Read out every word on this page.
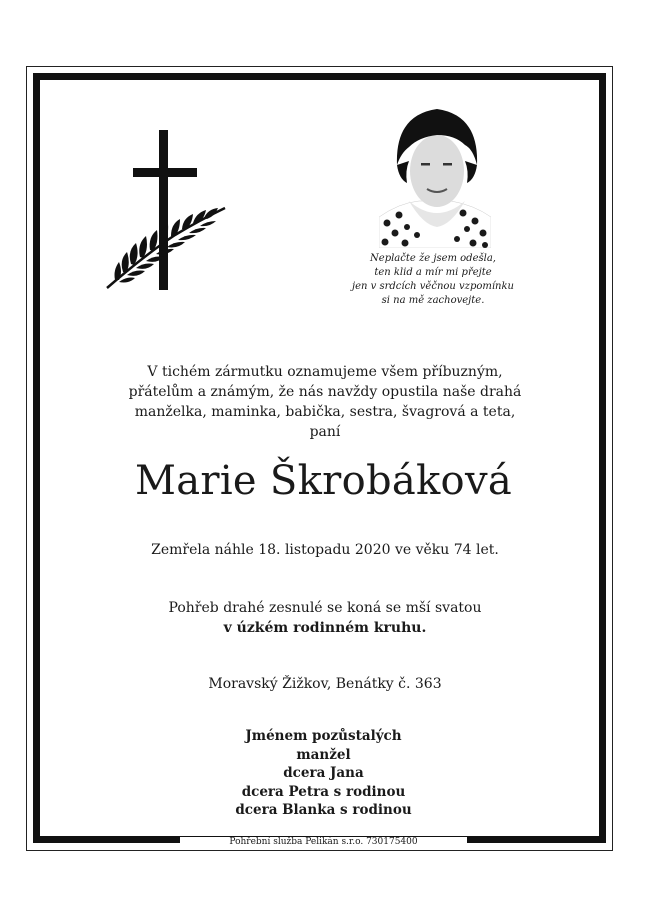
Neplačte že jsem odešla,
ten klid a mír mi přejte
jen v srdcích věčnou vzpomínku
si na mě zachovejte.
V tichém zármutku oznamujeme všem příbuzným,
přátelům a známým, že nás navždy opustila naše drahá
manželka, maminka, babička, sestra, švagrová a teta,
paní
Marie Škrobáková
Zemřela náhle 18. listopadu 2020 ve věku 74 let.
Pohřeb drahé zesnulé se koná se mší svatou
v úzkém rodinném kruhu.
Moravský Žižkov, Benátky č. 363
Jménem pozůstalých
manžel
dcera Jana
dcera Petra s rodinou
dcera Blanka s rodinou
Pohřební služba Pelikán s.r.o. 730175400
